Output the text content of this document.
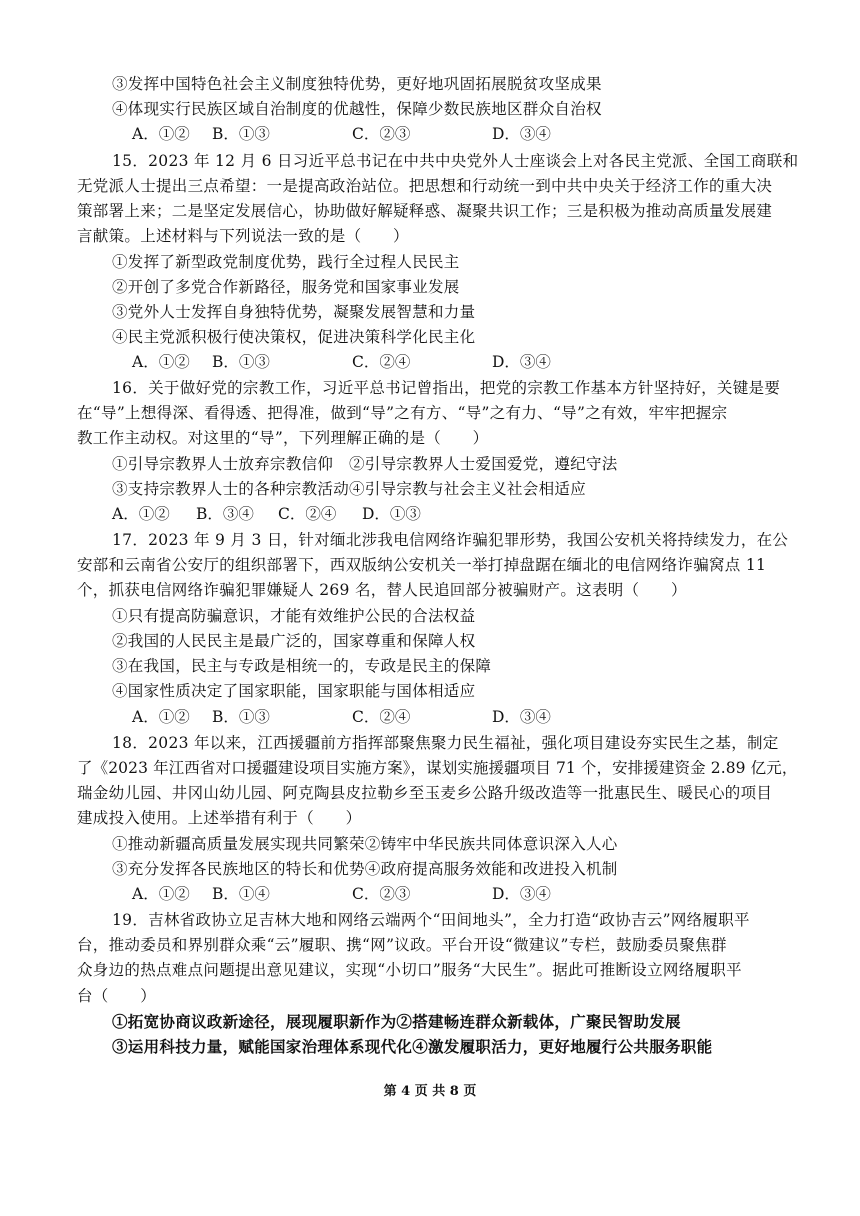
③发挥中国特色社会主义制度独特优势，更好地巩固拓展脱贫攻坚成果
④体现实行民族区域自治制度的优越性，保障少数民族地区群众自治权
A．①② B．①③	C．②③	D．③④
15．2023 年 12 月 6 日习近平总书记在中共中央党外人士座谈会上对各民主党派、全国工商联和
无党派人士提出三点希望：一是提高政治站位。把思想和行动统一到中共中央关于经济工作的重大决
策部署上来；二是坚定发展信心，协助做好解疑释惑、凝聚共识工作；三是积极为推动高质量发展建
言献策。上述材料与下列说法一致的是（　　）
①发挥了新型政党制度优势，践行全过程人民民主
②开创了多党合作新路径，服务党和国家事业发展
③党外人士发挥自身独特优势，凝聚发展智慧和力量
④民主党派积极行使决策权，促进决策科学化民主化
A．①② B．①③	C．②④	D．③④
16．关于做好党的宗教工作，习近平总书记曾指出，把党的宗教工作基本方针坚持好，关键是要
在“导”上想得深、看得透、把得准，做到“导”之有方、“导”之有力、“导”之有效，牢牢把握宗
教工作主动权。对这里的“导”，下列理解正确的是（　　）
①引导宗教界人士放弃宗教信仰　②引导宗教界人士爱国爱党，遵纪守法
③支持宗教界人士的各种宗教活动④引导宗教与社会主义社会相适应
A．①② B．③④ C．②④ D．①③
17．2023 年 9 月 3 日，针对缅北涉我电信网络诈骗犯罪形势，我国公安机关将持续发力，在公
安部和云南省公安厅的组织部署下，西双版纳公安机关一举打掉盘踞在缅北的电信网络诈骗窝点 11
个，抓获电信网络诈骗犯罪嫌疑人 269 名，替人民追回部分被骗财产。这表明（　　）
①只有提高防骗意识，才能有效维护公民的合法权益
②我国的人民民主是最广泛的，国家尊重和保障人权
③在我国，民主与专政是相统一的，专政是民主的保障
④国家性质决定了国家职能，国家职能与国体相适应
A．①② B．①③	C．②④	D．③④
18．2023 年以来，江西援疆前方指挥部聚焦聚力民生福祉，强化项目建设夯实民生之基，制定
了《2023 年江西省对口援疆建设项目实施方案》，谋划实施援疆项目 71 个，安排援建资金 2.89 亿元，
瑞金幼儿园、井冈山幼儿园、阿克陶县皮拉勒乡至玉麦乡公路升级改造等一批惠民生、暖民心的项目
建成投入使用。上述举措有利于（　　）
①推动新疆高质量发展实现共同繁荣②铸牢中华民族共同体意识深入人心
③充分发挥各民族地区的特长和优势④政府提高服务效能和改进投入机制
A．①② B．①④	C．②③	D．③④
19．吉林省政协立足吉林大地和网络云端两个“田间地头”，全力打造“政协吉云”网络履职平
台，推动委员和界别群众乘“云”履职、携“网”议政。平台开设“微建议”专栏，鼓励委员聚焦群
众身边的热点难点问题提出意见建议，实现“小切口”服务“大民生”。据此可推断设立网络履职平
台（　　）
①拓宽协商议政新途径，展现履职新作为②搭建畅连群众新载体，广聚民智助发展
③运用科技力量，赋能国家治理体系现代化④激发履职活力，更好地履行公共服务职能
第 4 页 共 8 页
